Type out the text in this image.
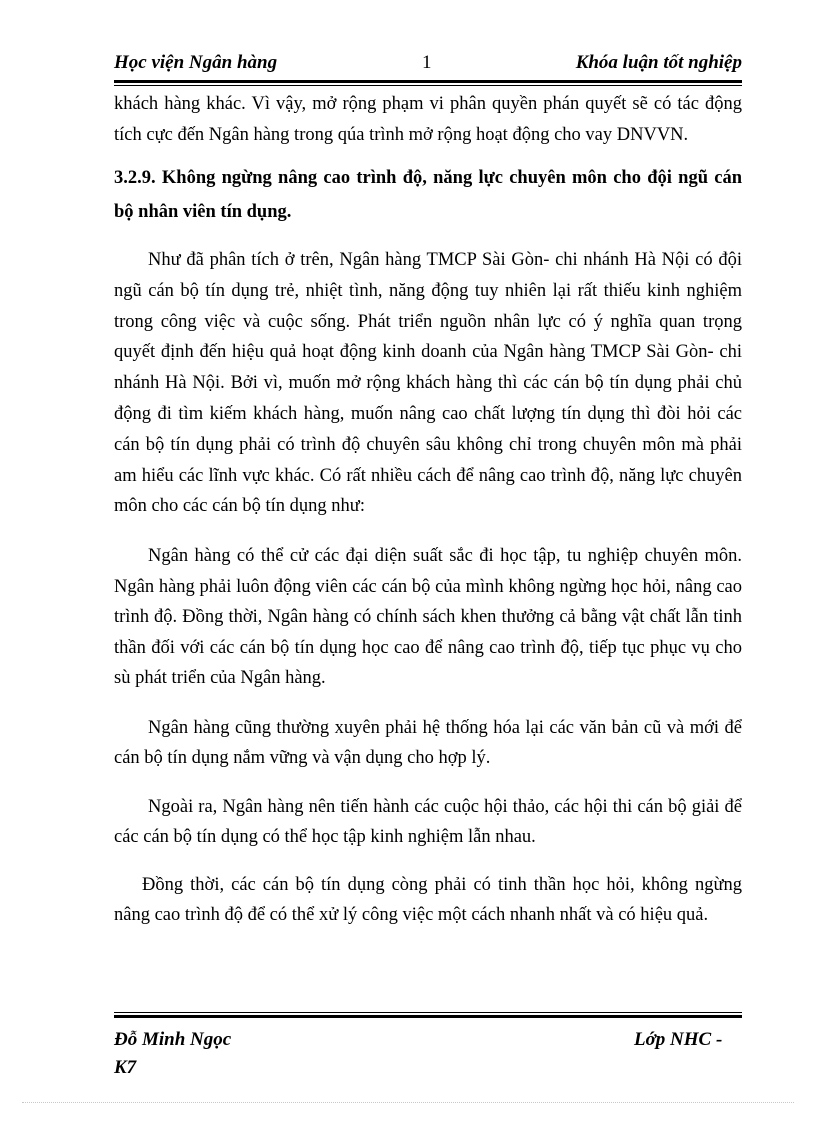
Học viện Ngân hàng	1	Khóa luận tốt nghiệp

khách hàng khác. Vì vậy, mở rộng phạm vi phân quyền phán quyết sẽ có tác động tích cực đến Ngân hàng trong qúa trình mở rộng hoạt động cho vay DNVVN.

3.2.9. Không ngừng nâng cao trình độ, năng lực chuyên môn cho đội ngũ cán bộ nhân viên tín dụng.

Như đã phân tích ở trên, Ngân hàng TMCP Sài Gòn- chi nhánh Hà Nội có đội ngũ cán bộ tín dụng trẻ, nhiệt tình, năng động tuy nhiên lại rất thiếu kinh nghiệm trong công việc và cuộc sống. Phát triển nguồn nhân lực có ý nghĩa quan trọng quyết định đến hiệu quả hoạt động kinh doanh của Ngân hàng TMCP Sài Gòn- chi nhánh Hà Nội. Bởi vì, muốn mở rộng khách hàng thì các cán bộ tín dụng phải chủ động đi tìm kiếm khách hàng, muốn nâng cao chất lượng tín dụng thì đòi hỏi các cán bộ tín dụng phải có trình độ chuyên sâu không chỉ trong chuyên môn mà phải am hiểu các lĩnh vực khác. Có rất nhiều cách để nâng cao trình độ, năng lực chuyên môn cho các cán bộ tín dụng như:

Ngân hàng có thể cử các đại diện suất sắc đi học tập, tu nghiệp chuyên môn. Ngân hàng phải luôn động viên các cán bộ của mình không ngừng học hỏi, nâng cao trình độ. Đồng thời, Ngân hàng có chính sách khen thưởng cả bằng vật chất lẫn tinh thần đối với các cán bộ tín dụng học cao để nâng cao trình độ, tiếp tục phục vụ cho sù phát triển của Ngân hàng.

Ngân hàng cũng thường xuyên phải hệ thống hóa lại các văn bản cũ và mới để cán bộ tín dụng nắm vững và vận dụng cho hợp lý.

Ngoài ra, Ngân hàng nên tiến hành các cuộc hội thảo, các hội thi cán bộ giải để các cán bộ tín dụng có thể học tập kinh nghiệm lẫn nhau.

Đồng thời, các cán bộ tín dụng còng phải có tinh thần học hỏi, không ngừng nâng cao trình độ để có thể xử lý công việc một cách nhanh nhất và có hiệu quả.

Đỗ Minh Ngọc K7
Lớp NHC -
